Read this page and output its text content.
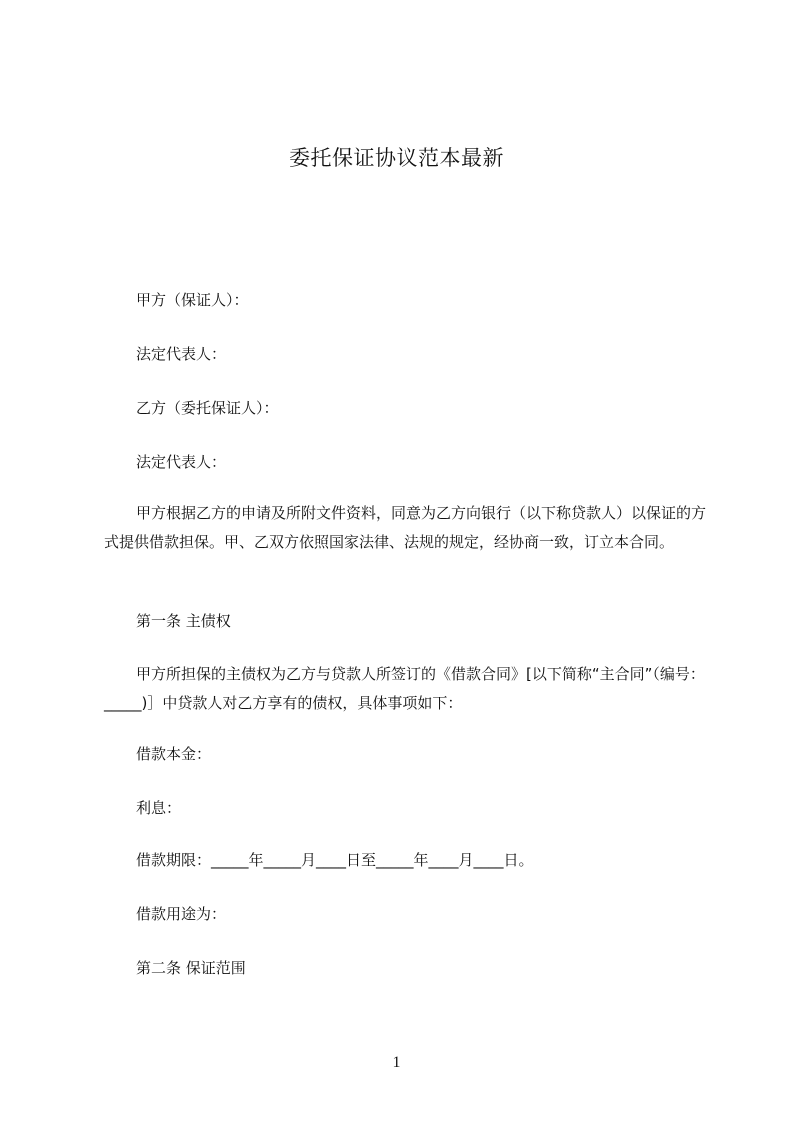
委托保证协议范本最新

甲方（保证人）：

法定代表人：

乙方（委托保证人）：

法定代表人：

甲方根据乙方的申请及所附文件资料，同意为乙方向银行（以下称贷款人）以保证的方式提供借款担保。甲、乙双方依照国家法律、法规的规定，经协商一致，订立本合同。

第一条 主债权

甲方所担保的主债权为乙方与贷款人所签订的《借款合同》[以下简称“主合同”（编号：_____)］中贷款人对乙方享有的债权，具体事项如下：

借款本金：

利息：

借款期限：_____年_____月____日至_____年____月____日。

借款用途为：

第二条 保证范围

1
